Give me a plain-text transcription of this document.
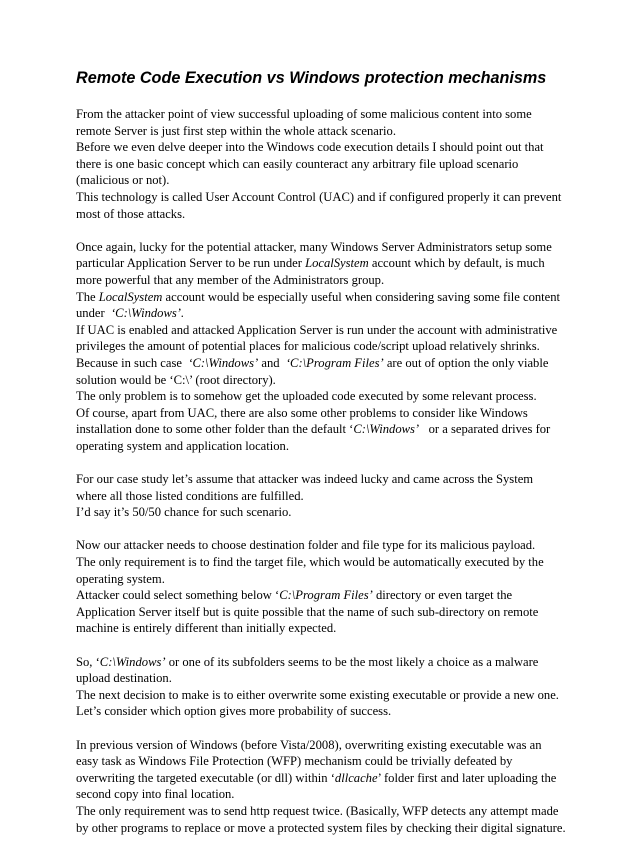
Remote Code Execution vs Windows protection mechanisms
From the attacker point of view successful uploading of some malicious content into some
remote Server is just first step within the whole attack scenario.
Before we even delve deeper into the Windows code execution details I should point out that
there is one basic concept which can easily counteract any arbitrary file upload scenario
(malicious or not).
This technology is called User Account Control (UAC) and if configured properly it can prevent
most of those attacks.
Once again, lucky for the potential attacker, many Windows Server Administrators setup some
particular Application Server to be run under LocalSystem account which by default, is much
more powerful that any member of the Administrators group.
The LocalSystem account would be especially useful when considering saving some file content
under  ‘C:\Windows’.
If UAC is enabled and attacked Application Server is run under the account with administrative
privileges the amount of potential places for malicious code/script upload relatively shrinks.
Because in such case  ‘C:\Windows’ and  ‘C:\Program Files’ are out of option the only viable
solution would be ‘C:\’ (root directory).
The only problem is to somehow get the uploaded code executed by some relevant process.
Of course, apart from UAC, there are also some other problems to consider like Windows
installation done to some other folder than the default ‘C:\Windows’   or a separated drives for
operating system and application location.
For our case study let’s assume that attacker was indeed lucky and came across the System
where all those listed conditions are fulfilled.
I’d say it’s 50/50 chance for such scenario.
Now our attacker needs to choose destination folder and file type for its malicious payload.
The only requirement is to find the target file, which would be automatically executed by the
operating system.
Attacker could select something below ‘C:\Program Files’ directory or even target the
Application Server itself but is quite possible that the name of such sub-directory on remote
machine is entirely different than initially expected.
So, ‘C:\Windows’ or one of its subfolders seems to be the most likely a choice as a malware
upload destination.
The next decision to make is to either overwrite some existing executable or provide a new one.
Let’s consider which option gives more probability of success.
In previous version of Windows (before Vista/2008), overwriting existing executable was an
easy task as Windows File Protection (WFP) mechanism could be trivially defeated by
overwriting the targeted executable (or dll) within ‘dllcache’ folder first and later uploading the
second copy into final location.
The only requirement was to send http request twice. (Basically, WFP detects any attempt made
by other programs to replace or move a protected system files by checking their digital signature.
